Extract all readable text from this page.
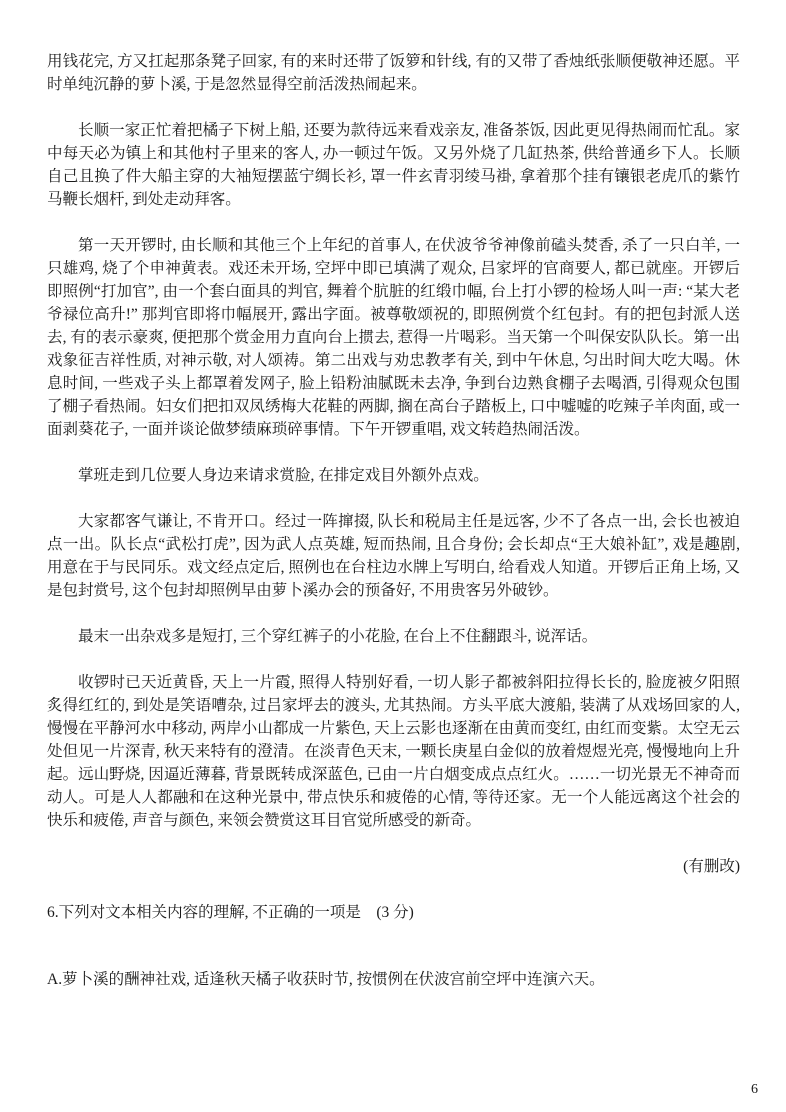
用钱花完, 方又扛起那条凳子回家, 有的来时还带了饭箩和针线, 有的又带了香烛纸张顺便敬神还愿。平时单纯沉静的萝卜溪, 于是忽然显得空前活泼热闹起来。

长顺一家正忙着把橘子下树上船, 还要为款待远来看戏亲友, 准备茶饭, 因此更见得热闹而忙乱。家中每天必为镇上和其他村子里来的客人, 办一顿过午饭。又另外烧了几缸热茶, 供给普通乡下人。长顺自己且换了件大船主穿的大袖短摆蓝宁绸长衫, 罩一件玄青羽绫马褂, 拿着那个挂有镶银老虎爪的紫竹马鞭长烟杆, 到处走动拜客。

第一天开锣时, 由长顺和其他三个上年纪的首事人, 在伏波爷爷神像前磕头焚香, 杀了一只白羊, 一只雄鸡, 烧了个申神黄表。戏还未开场, 空坪中即已填满了观众, 吕家坪的官商要人, 都已就座。开锣后即照例“打加官”, 由一个套白面具的判官, 舞着个肮脏的红缎巾幅, 台上打小锣的检场人叫一声: “某大老爷禄位高升!” 那判官即将巾幅展开, 露出字面。被尊敬颂祝的, 即照例赏个红包封。有的把包封派人送去, 有的表示豪爽, 便把那个赏金用力直向台上掼去, 惹得一片喝彩。当天第一个叫保安队队长。第一出戏象征吉祥性质, 对神示敬, 对人颂祷。第二出戏与劝忠教孝有关, 到中午休息, 匀出时间大吃大喝。休息时间, 一些戏子头上都罩着发网子, 脸上铅粉油腻既未去净, 争到台边熟食棚子去喝酒, 引得观众包围了棚子看热闹。妇女们把扣双凤绣梅大花鞋的两脚, 搁在高台子踏板上, 口中嘘嘘的吃辣子羊肉面, 或一面剥葵花子, 一面并谈论做梦绩麻琐碎事情。下午开锣重唱, 戏文转趋热闹活泼。

掌班走到几位要人身边来请求赏脸, 在排定戏目外额外点戏。

大家都客气谦让, 不肯开口。经过一阵撺掇, 队长和税局主任是远客, 少不了各点一出, 会长也被迫点一出。队长点“武松打虎”, 因为武人点英雄, 短而热闹, 且合身份; 会长却点“王大娘补缸”, 戏是趣剧, 用意在于与民同乐。戏文经点定后, 照例也在台柱边水牌上写明白, 给看戏人知道。开锣后正角上场, 又是包封赏号, 这个包封却照例早由萝卜溪办会的预备好, 不用贵客另外破钞。

最末一出杂戏多是短打, 三个穿红裤子的小花脸, 在台上不住翻跟斗, 说浑话。

收锣时已天近黄昏, 天上一片霞, 照得人特别好看, 一切人影子都被斜阳拉得长长的, 脸庞被夕阳照炙得红红的, 到处是笑语嘈杂, 过吕家坪去的渡头, 尤其热闹。方头平底大渡船, 装满了从戏场回家的人, 慢慢在平静河水中移动, 两岸小山都成一片紫色, 天上云影也逐渐在由黄而变红, 由红而变紫。太空无云处但见一片深青, 秋天来特有的澄清。在淡青色天末, 一颗长庚星白金似的放着煜煜光亮, 慢慢地向上升起。远山野烧, 因逼近薄暮, 背景既转成深蓝色, 已由一片白烟变成点点红火。……一切光景无不神奇而动人。可是人人都融和在这种光景中, 带点快乐和疲倦的心情, 等待还家。无一个人能远离这个社会的快乐和疲倦, 声音与颜色, 来领会赞赏这耳目官觉所感受的新奇。

(有删改)

6.下列对文本相关内容的理解, 不正确的一项是　(3 分)

A.萝卜溪的酬神社戏, 适逢秋天橘子收获时节, 按惯例在伏波宫前空坪中连演六天。

6
